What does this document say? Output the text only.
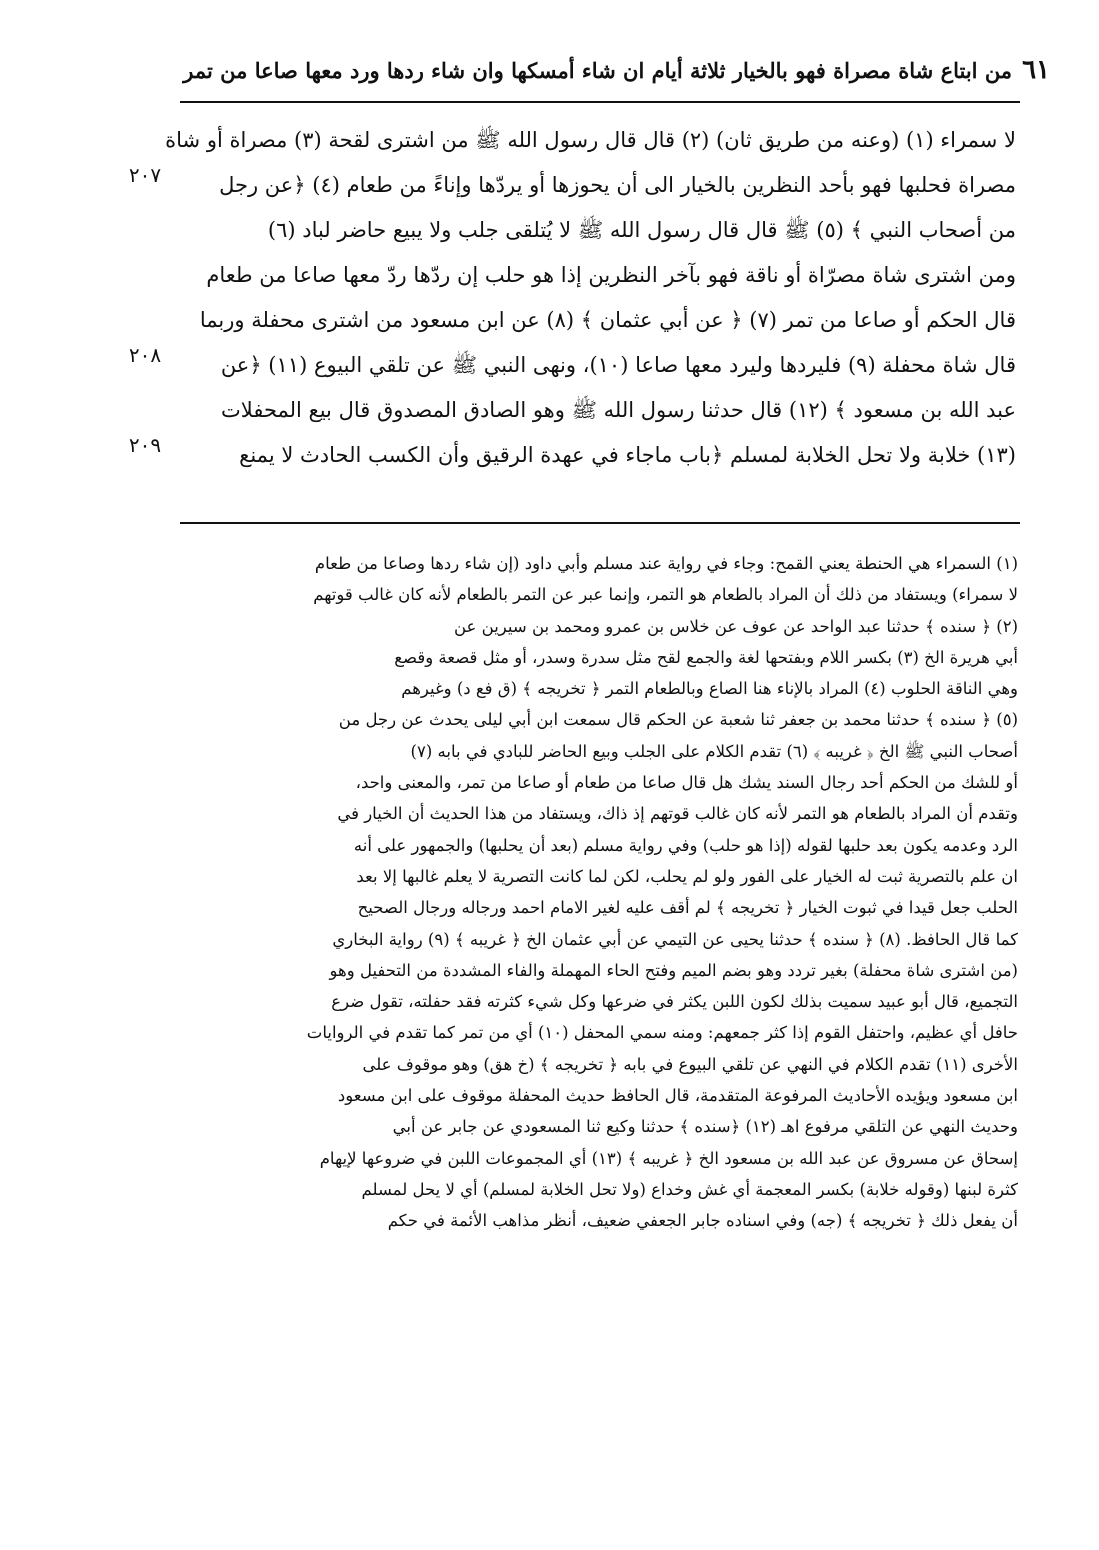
٦١
من ابتاع شاة مصراة فهو بالخيار ثلاثة أيام ان شاء أمسكها وان شاء ردها ورد معها صاعا من تمر
٢٠٧
٢٠٨
٢٠٩
لا سمراء (١) (وعنه من طريق ثان) (٢) قال قال رسول الله ﷺ من اشترى لقحة (٣) مصراة أو شاة
مصراة فحلبها فهو بأحد النظرين بالخيار الى أن يحوزها أو يردّها وإناءً من طعام (٤) ﴿عن رجل
من أصحاب النبي ﴾ (٥) ﷺ قال قال رسول الله ﷺ لا يُتلقى جلب ولا يبيع حاضر لباد (٦)
ومن اشترى شاة مصرّاة أو ناقة فهو بآخر النظرين إذا هو حلب إن ردّها ردّ معها صاعا من طعام
قال الحكم أو صاعا من تمر (٧) ﴿ عن أبي عثمان ﴾ (٨) عن ابن مسعود من اشترى محفلة وربما
قال شاة محفلة (٩) فليردها وليرد معها صاعا (١٠)، ونهى النبي ﷺ عن تلقي البيوع (١١) ﴿عن
عبد الله بن مسعود ﴾ (١٢) قال حدثنا رسول الله ﷺ وهو الصادق المصدوق قال بيع المحفلات
(١٣) خلابة ولا تحل الخلابة لمسلم ﴿باب ماجاء في عهدة الرقيق وأن الكسب الحادث لا يمنع
(١) السمراء هي الحنطة يعني القمح: وجاء في رواية عند مسلم وأبي داود (إن شاء ردها وصاعا من طعام
لا سمراء) ويستفاد من ذلك أن المراد بالطعام هو التمر، وإنما عبر عن التمر بالطعام لأنه كان غالب قوتهم
(٢) ﴿ سنده ﴾ حدثنا عبد الواحد عن عوف عن خلاس بن عمرو ومحمد بن سيرين عن
أبي هريرة الخ (٣) بكسر اللام وبفتحها لغة والجمع لقح مثل سدرة وسدر، أو مثل قصعة وقصع
وهي الناقة الحلوب (٤) المراد بالإناء هنا الصاع وبالطعام التمر ﴿ تخريجه ﴾ (ق فع د) وغيرهم
(٥) ﴿ سنده ﴾ حدثنا محمد بن جعفر ثنا شعبة عن الحكم قال سمعت ابن أبي ليلى يحدث عن رجل من
أصحاب النبي ﷺ الخ ﴿ غريبه ﴾ (٦) تقدم الكلام على الجلب وبيع الحاضر للبادي في بابه (٧)
أو للشك من الحكم أحد رجال السند يشك هل قال صاعا من طعام أو صاعا من تمر، والمعنى واحد،
وتقدم أن المراد بالطعام هو التمر لأنه كان غالب قوتهم إذ ذاك، ويستفاد من هذا الحديث أن الخيار في
الرد وعدمه يكون بعد حلبها لقوله (إذا هو حلب) وفي رواية مسلم (بعد أن يحلبها) والجمهور على أنه
ان علم بالتصرية ثبت له الخيار على الفور ولو لم يحلب، لكن لما كانت التصرية لا يعلم غالبها إلا بعد
الحلب جعل قيدا في ثبوت الخيار ﴿ تخريجه ﴾ لم أقف عليه لغير الامام احمد ورجاله ورجال الصحيح
كما قال الحافظ. (٨) ﴿ سنده ﴾ حدثنا يحيى عن التيمي عن أبي عثمان الخ ﴿ غريبه ﴾ (٩) رواية البخاري
(من اشترى شاة محفلة) بغير تردد وهو بضم الميم وفتح الحاء المهملة والفاء المشددة من التحفيل وهو
التجميع، قال أبو عبيد سميت بذلك لكون اللبن يكثر في ضرعها وكل شيء كثرته فقد حفلته، تقول ضرع
حافل أي عظيم، واحتفل القوم إذا كثر جمعهم: ومنه سمي المحفل (١٠) أي من تمر كما تقدم في الروايات
الأخرى (١١) تقدم الكلام في النهي عن تلقي البيوع في بابه ﴿ تخريجه ﴾ (خ هق) وهو موقوف على
ابن مسعود ويؤيده الأحاديث المرفوعة المتقدمة، قال الحافظ حديث المحفلة موقوف على ابن مسعود
وحديث النهي عن التلقي مرفوع اهـ (١٢) ﴿سنده ﴾ حدثنا وكيع ثنا المسعودي عن جابر عن أبي
إسحاق عن مسروق عن عبد الله بن مسعود الخ ﴿ غريبه ﴾ (١٣) أي المجموعات اللبن في ضروعها لإيهام
كثرة لبنها (وقوله خلابة) بكسر المعجمة أي غش وخداع (ولا تحل الخلابة لمسلم) أي لا يحل لمسلم
أن يفعل ذلك ﴿ تخريجه ﴾ (جه) وفي اسناده جابر الجعفي ضعيف، أنظر مذاهب الأئمة في حكم
